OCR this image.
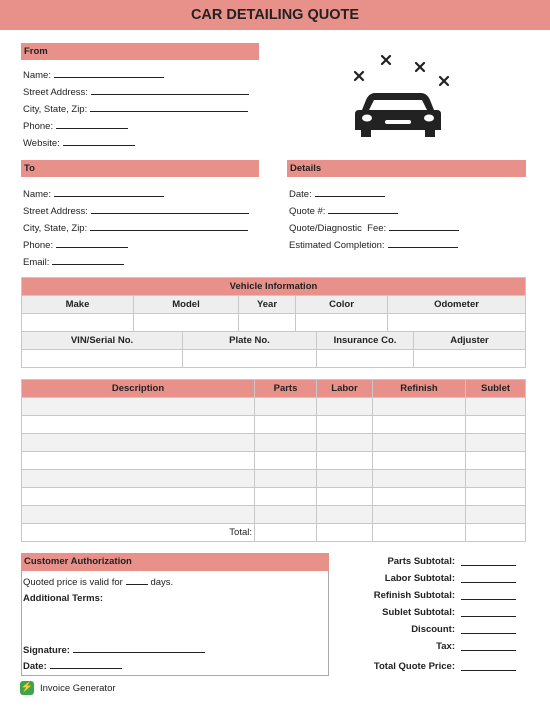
CAR DETAILING QUOTE
From
Name:
Street Address:
City, State, Zip:
Phone:
Website:
To
Name:
Street Address:
City, State, Zip:
Phone:
Email:
Details
Date:
Quote #:
Quote/Diagnostic  Fee:
Estimated Completion:
Vehicle Information				
Make	Model	Year	Color	Odometer

VIN/Serial No.	Plate No.	Insurance Co.	Adjuster

Description	Parts	Labor	Refinish	Sublet

Total:				
Customer Authorization
Quoted price is valid for	days.
Additional Terms:
Signature:
Date:
Parts Subtotal:
Labor Subtotal:
Refinish Subtotal:
Sublet Subtotal:
Discount:
Tax:
Total Quote Price:
⚡ Invoice Generator
